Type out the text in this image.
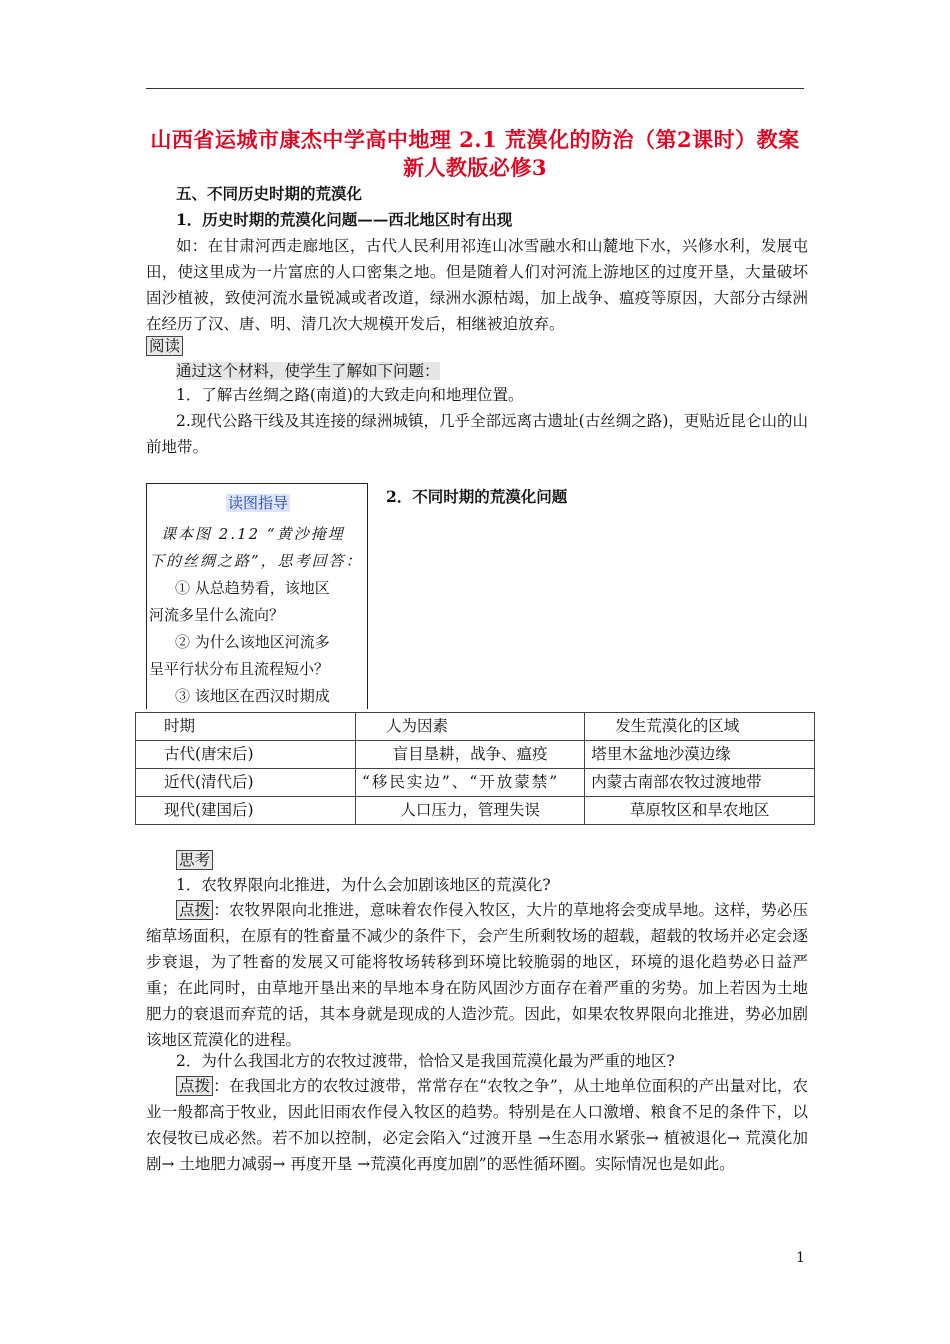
山西省运城市康杰中学高中地理 2.1 荒漠化的防治（第2课时）教案
新人教版必修3
五、不同历史时期的荒漠化
1．历史时期的荒漠化问题——西北地区时有出现
如：在甘肃河西走廊地区，古代人民利用祁连山冰雪融水和山麓地下水，兴修水利，发展屯田，使这里成为一片富庶的人口密集之地。但是随着人们对河流上游地区的过度开垦，大量破坏固沙植被，致使河流水量锐减或者改道，绿洲水源枯竭，加上战争、瘟疫等原因，大部分古绿洲在经历了汉、唐、明、清几次大规模开发后，相继被迫放弃。
阅读
通过这个材料，使学生了解如下问题：
1．了解古丝绸之路(南道)的大致走向和地理位置。
2.现代公路干线及其连接的绿洲城镇，几乎全部远离古遗址(古丝绸之路)，更贴近昆仑山的山前地带。
读图指导
课本图 2.12 “黄沙掩埋
下的丝绸之路”，思考回答：
① 从总趋势看，该地区
河流多呈什么流向？
② 为什么该地区河流多
呈平行状分布且流程短小？
③ 该地区在西汉时期成
2．不同时期的荒漠化问题
时期	人为因素	发生荒漠化的区域
古代(唐宋后)	盲目垦耕，战争、瘟疫	塔里木盆地沙漠边缘
近代(清代后)	“移民实边”、“开放蒙禁”	内蒙古南部农牧过渡地带
现代(建国后)	人口压力，管理失误	草原牧区和旱农地区
思考
1．农牧界限向北推进，为什么会加剧该地区的荒漠化?
点拨 ：农牧界限向北推进，意味着农作侵入牧区，大片的草地将会变成旱地。这样，势必压缩草场面积，在原有的牲畜量不减少的条件下，会产生所剩牧场的超载，超载的牧场并必定会逐步衰退，为了牲畜的发展又可能将牧场转移到环境比较脆弱的地区，环境的退化趋势必日益严重；在此同时，由草地开垦出来的旱地本身在防风固沙方面存在着严重的劣势。加上若因为土地肥力的衰退而弃荒的话，其本身就是现成的人造沙荒。因此，如果农牧界限向北推进，势必加剧该地区荒漠化的进程。
2．为什么我国北方的农牧过渡带，恰恰又是我国荒漠化最为严重的地区?
点拨 ：在我国北方的农牧过渡带，常常存在“农牧之争”，从土地单位面积的产出量对比，农业一般都高于牧业，因此旧雨农作侵入牧区的趋势。特别是在人口激增、粮食不足的条件下，以农侵牧已成必然。若不加以控制，必定会陷入“过渡开垦 →生态用水紧张→ 植被退化→ 荒漠化加剧→ 土地肥力减弱→ 再度开垦 →荒漠化再度加剧”的恶性循环圈。实际情况也是如此。
1
